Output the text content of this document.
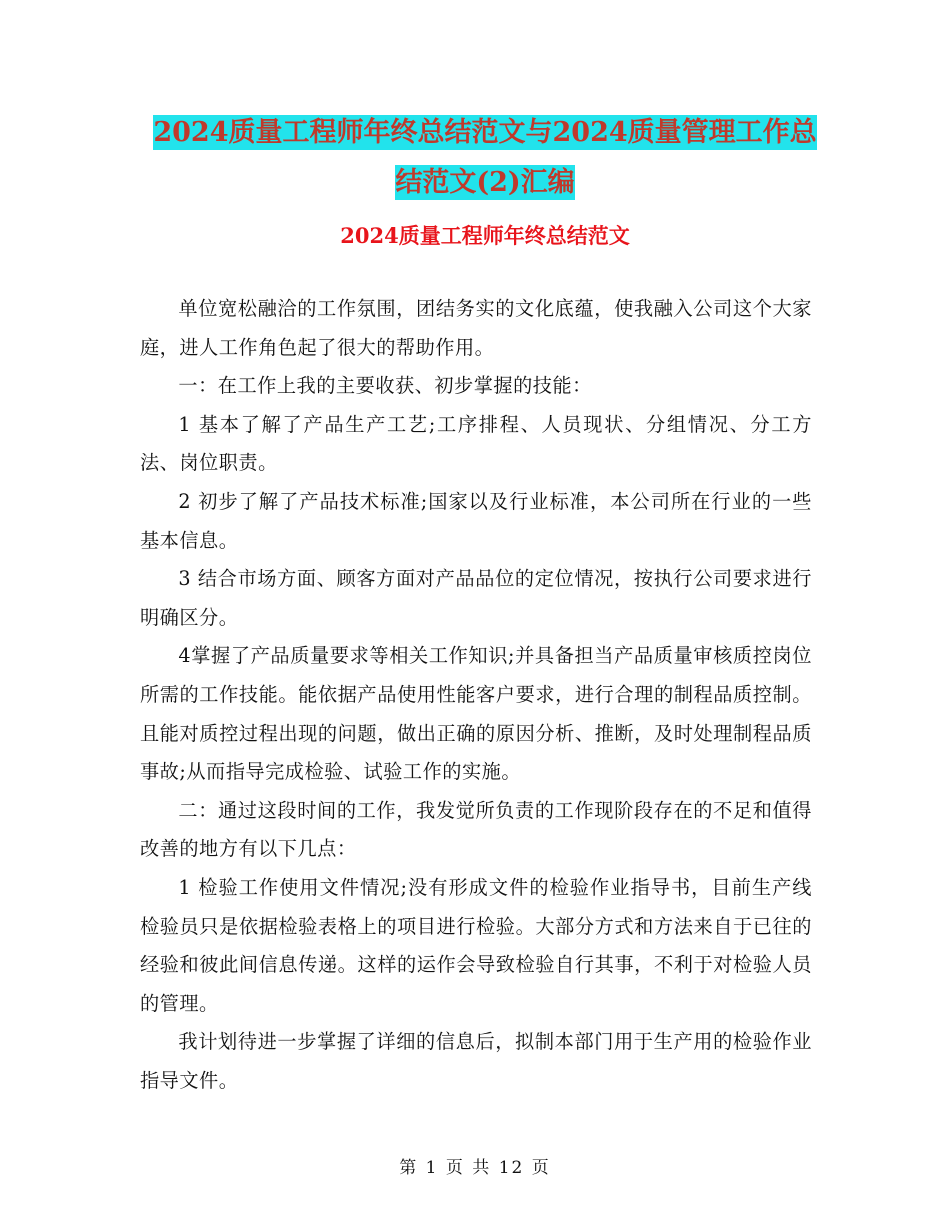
2024质量工程师年终总结范文与2024质量管理工作总
结范文(2)汇编
2024质量工程师年终总结范文

单位宽松融洽的工作氛围，团结务实的文化底蕴，使我融入公司这个大家庭，进人工作角色起了很大的帮助作用。

一：在工作上我的主要收获、初步掌握的技能：

1 基本了解了产品生产工艺;工序排程、人员现状、分组情况、分工方法、岗位职责。

2 初步了解了产品技术标准;国家以及行业标准，本公司所在行业的一些基本信息。

3 结合市场方面、顾客方面对产品品位的定位情况，按执行公司要求进行明确区分。

4掌握了产品质量要求等相关工作知识;并具备担当产品质量审核质控岗位所需的工作技能。能依据产品使用性能客户要求，进行合理的制程品质控制。且能对质控过程出现的问题，做出正确的原因分析、推断，及时处理制程品质事故;从而指导完成检验、试验工作的实施。

二：通过这段时间的工作，我发觉所负责的工作现阶段存在的不足和值得改善的地方有以下几点：

1 检验工作使用文件情况;没有形成文件的检验作业指导书，目前生产线检验员只是依据检验表格上的项目进行检验。大部分方式和方法来自于已往的经验和彼此间信息传递。这样的运作会导致检验自行其事，不利于对检验人员的管理。

我计划待进一步掌握了详细的信息后，拟制本部门用于生产用的检验作业指导文件。

第 1 页 共 12 页
